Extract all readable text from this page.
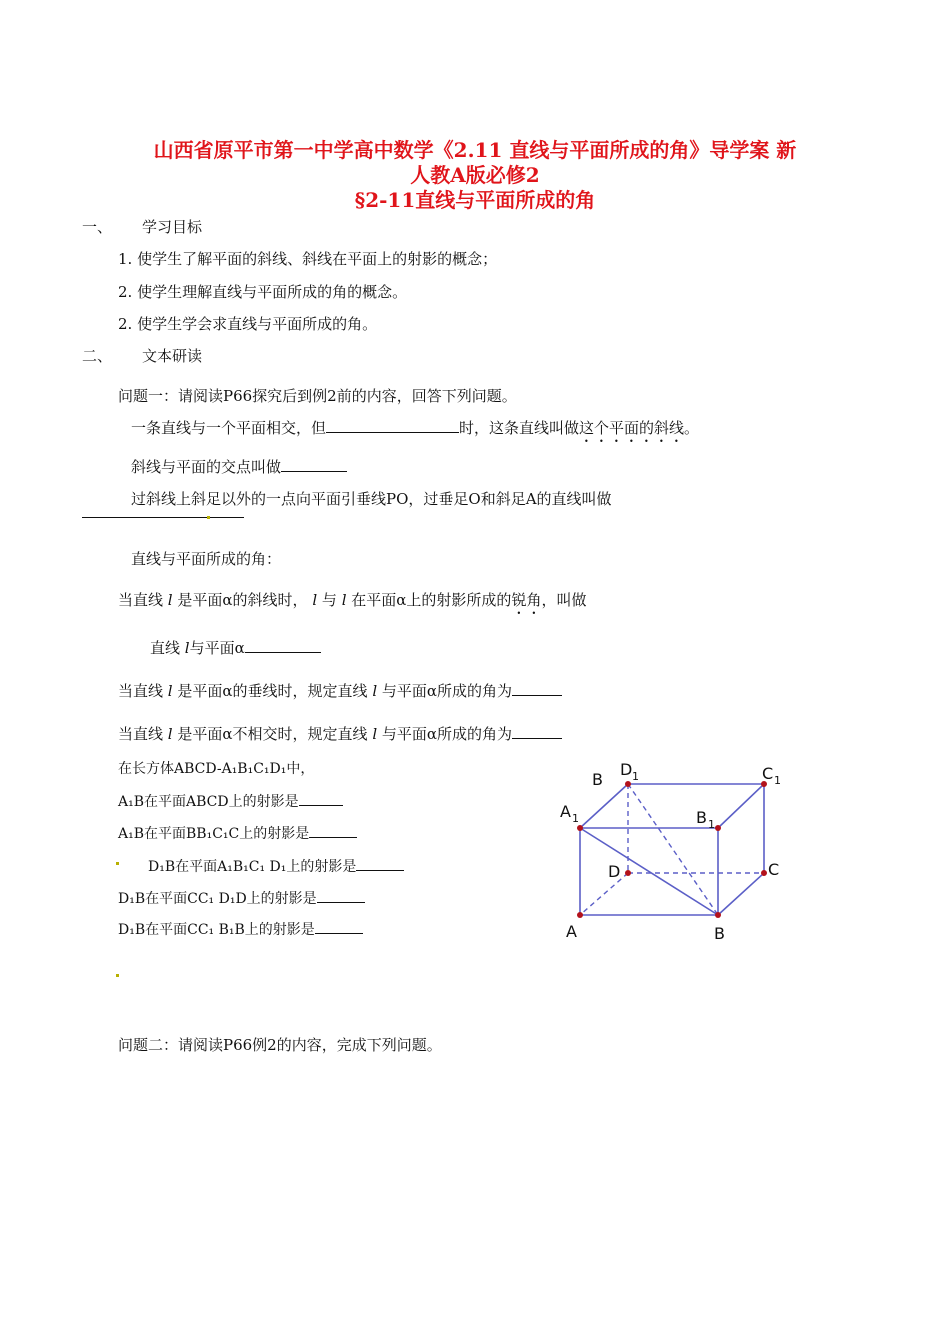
山西省原平市第一中学高中数学《2.11 直线与平面所成的角》导学案 新
人教A版必修2
§2-11直线与平面所成的角
一、 学习目标
1. 使学生了解平面的斜线、斜线在平面上的射影的概念；
2. 使学生理解直线与平面所成的角的概念。
2. 使学生学会求直线与平面所成的角。
二、 文本研读
问题一：请阅读P66探究后到例2前的内容，回答下列问题。
一条直线与一个平面相交，但	时，这条直线叫做这个平面的斜线。
斜线与平面的交点叫做
过斜线上斜足以外的一点向平面引垂线PO，过垂足O和斜足A的直线叫做
直线与平面所成的角：
当直线 l 是平面α的斜线时， l 与 l 在平面α上的射影所成的锐角，叫做
直线 l与平面α
当直线 l 是平面α的垂线时，规定直线 l 与平面α所成的角为
当直线 l 是平面α不相交时，规定直线 l 与平面α所成的角为
在长方体ABCD-A₁B₁C₁D₁中，
A₁B在平面ABCD上的射影是
A₁B在平面BB₁C₁C上的射影是
D₁B在平面A₁B₁C₁ D₁上的射影是
D₁B在平面CC₁ D₁D上的射影是
D₁B在平面CC₁ B₁B上的射影是	A	B
C
D
A 1	B 1
C 1
D 1
B
问题二：请阅读P66例2的内容，完成下列问题。
